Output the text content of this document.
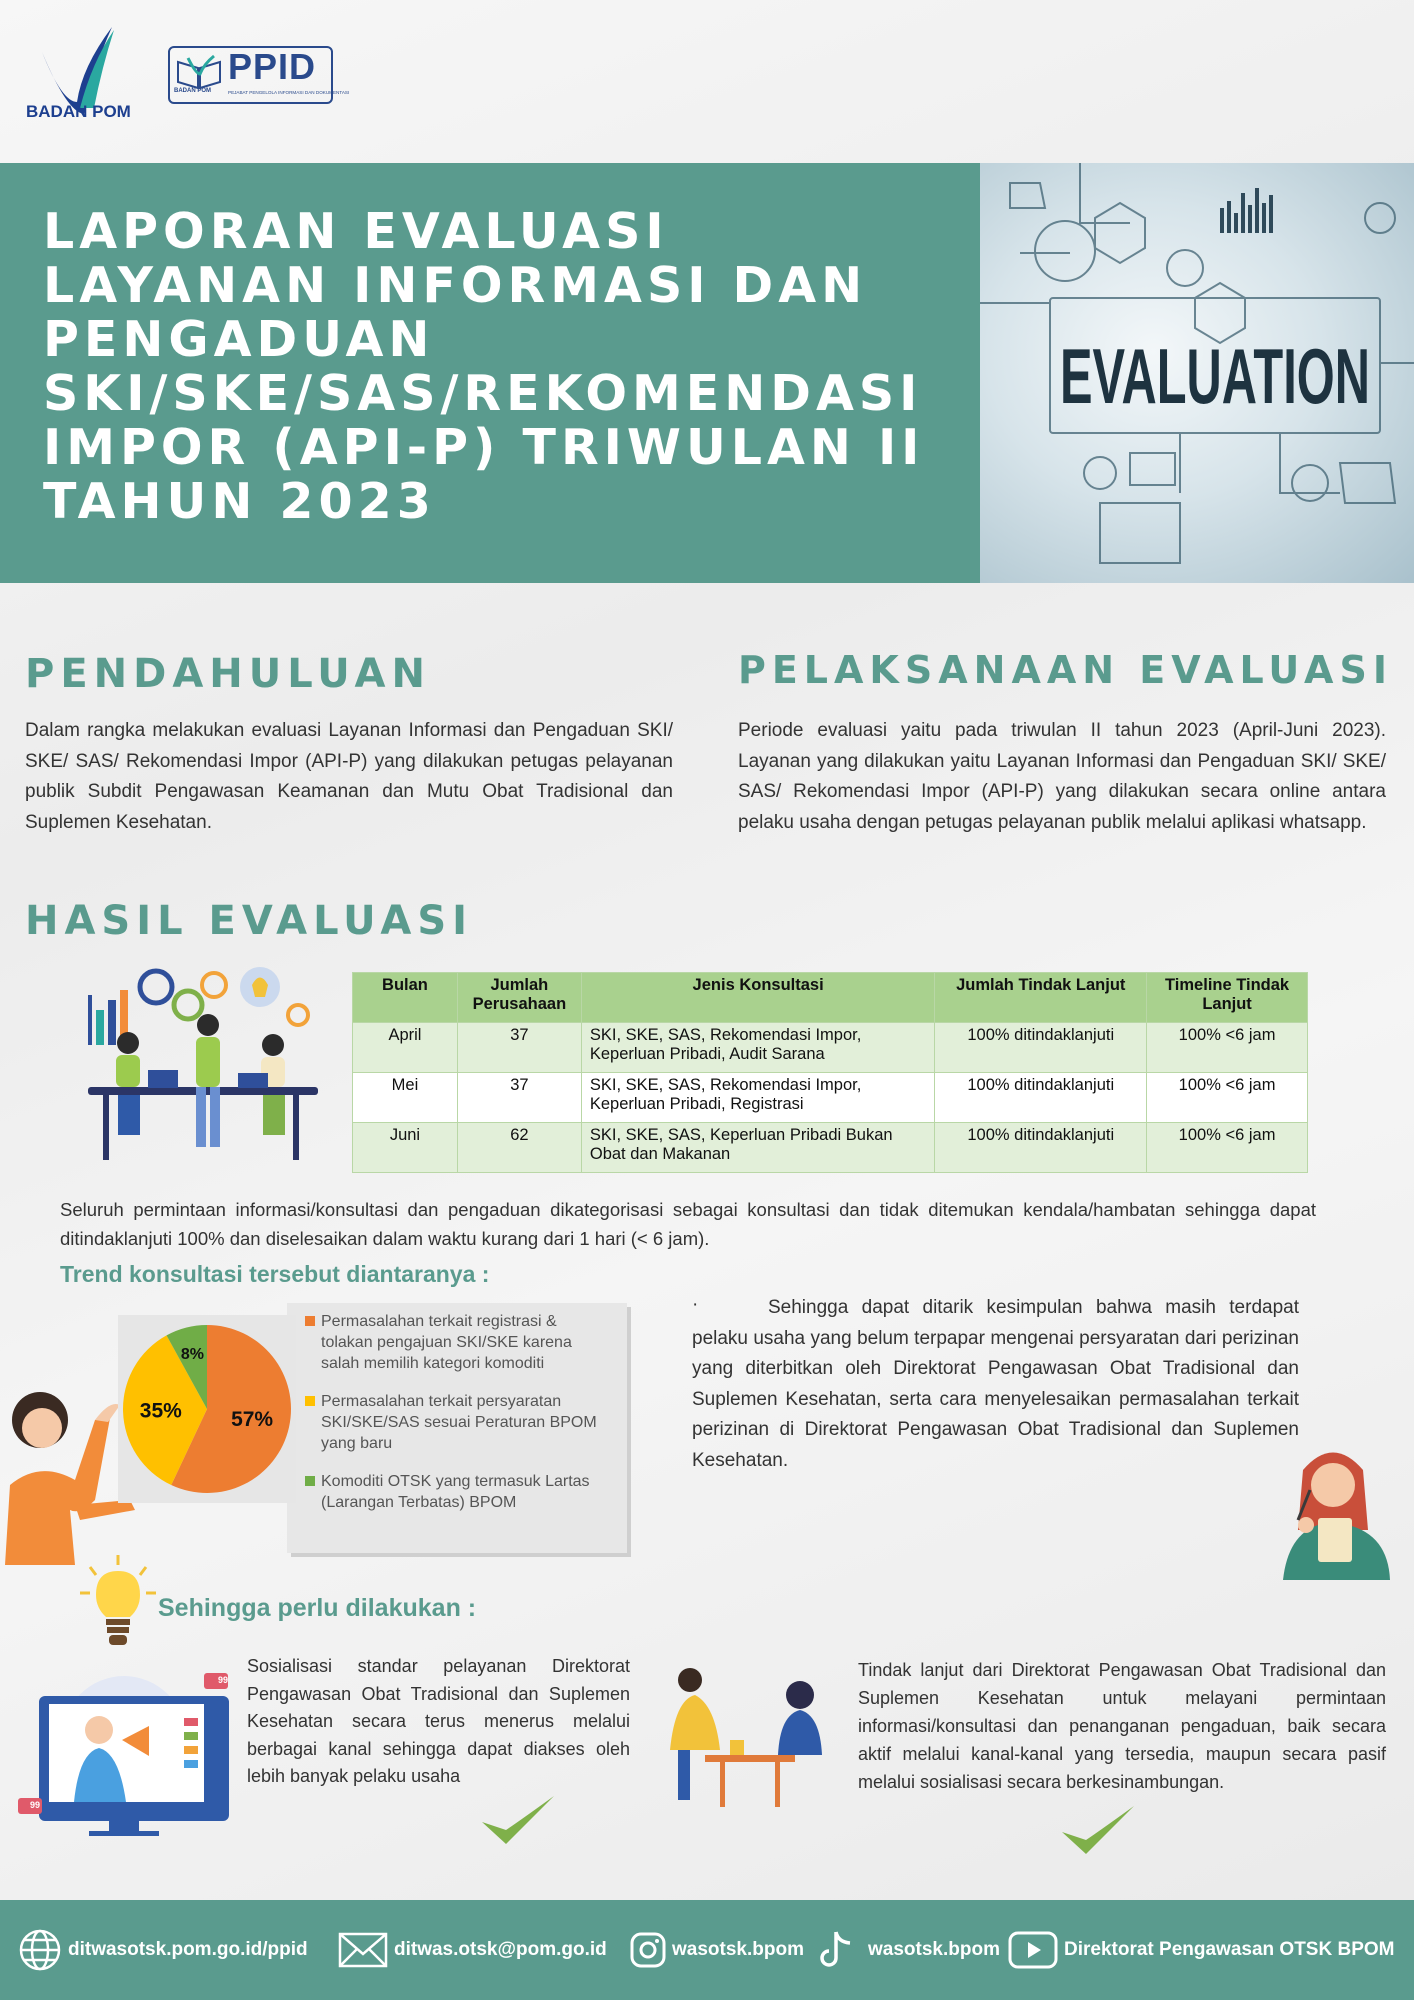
BADAN POM
BADAN POM
PPID
PEJABAT PENGELOLA INFORMASI DAN DOKUMENTASI
LAPORAN EVALUASI LAYANAN INFORMASI DAN PENGADUAN SKI/SKE/SAS/REKOMENDASI IMPOR (API-P) TRIWULAN II TAHUN 2023
EVALUATION
PENDAHULUAN

Dalam rangka melakukan evaluasi Layanan Informasi dan Pengaduan SKI/ SKE/ SAS/ Rekomendasi Impor (API-P) yang dilakukan petugas pelayanan publik Subdit Pengawasan Keamanan dan Mutu Obat Tradisional dan Suplemen Kesehatan.

PELAKSANAAN EVALUASI

Periode evaluasi yaitu pada triwulan II tahun 2023 (April-Juni 2023). Layanan yang dilakukan yaitu Layanan Informasi dan Pengaduan SKI/ SKE/ SAS/ Rekomendasi Impor (API-P) yang dilakukan secara online antara pelaku usaha dengan petugas pelayanan publik melalui aplikasi whatsapp.

HASIL EVALUASI
Bulan	Jumlah Perusahaan	Jenis Konsultasi	Jumlah Tindak Lanjut	Timeline Tindak Lanjut
April	37	SKI, SKE, SAS, Rekomendasi Impor, Keperluan Pribadi, Audit Sarana	100% ditindaklanjuti	100% <6 jam
Mei	37	SKI, SKE, SAS, Rekomendasi Impor, Keperluan Pribadi, Registrasi	100% ditindaklanjuti	100% <6 jam
Juni	62	SKI, SKE, SAS, Keperluan Pribadi Bukan Obat dan Makanan	100% ditindaklanjuti	100% <6 jam

Seluruh permintaan informasi/konsultasi dan pengaduan dikategorisasi sebagai konsultasi dan tidak ditemukan kendala/hambatan sehingga dapat ditindaklanjuti 100% dan diselesaikan dalam waktu kurang dari 1 hari (< 6 jam).

Trend konsultasi tersebut diantaranya :
Permasalahan terkait registrasi & tolakan pengajuan SKI/SKE karena salah memilih kategori komoditi
Permasalahan terkait persyaratan SKI/SKE/SAS sesuai Peraturan BPOM yang baru
Komoditi OTSK yang termasuk Lartas (Larangan Terbatas) BPOM
57%
35%
8%
·	Sehingga dapat ditarik kesimpulan bahwa masih terdapat pelaku usaha yang belum terpapar mengenai persyaratan dari perizinan yang diterbitkan oleh Direktorat Pengawasan Obat Tradisional dan Suplemen Kesehatan, serta cara menyelesaikan permasalahan terkait perizinan di Direktorat Pengawasan Obat Tradisional dan Suplemen Kesehatan.

Sehingga perlu dilakukan :
99
99

Sosialisasi standar pelayanan Direktorat Pengawasan Obat Tradisional dan Suplemen Kesehatan secara terus menerus melalui berbagai kanal sehingga dapat diakses oleh lebih banyak pelaku usaha

Tindak lanjut dari Direktorat Pengawasan Obat Tradisional dan Suplemen Kesehatan untuk melayani permintaan informasi/konsultasi dan penanganan pengaduan, baik secara aktif melalui kanal-kanal yang tersedia, maupun secara pasif melalui sosialisasi secara berkesinambungan.

ditwasotsk.pom.go.id/ppid	ditwas.otsk@pom.go.id	wasotsk.bpom	wasotsk.bpom	Direktorat Pengawasan OTSK BPOM
